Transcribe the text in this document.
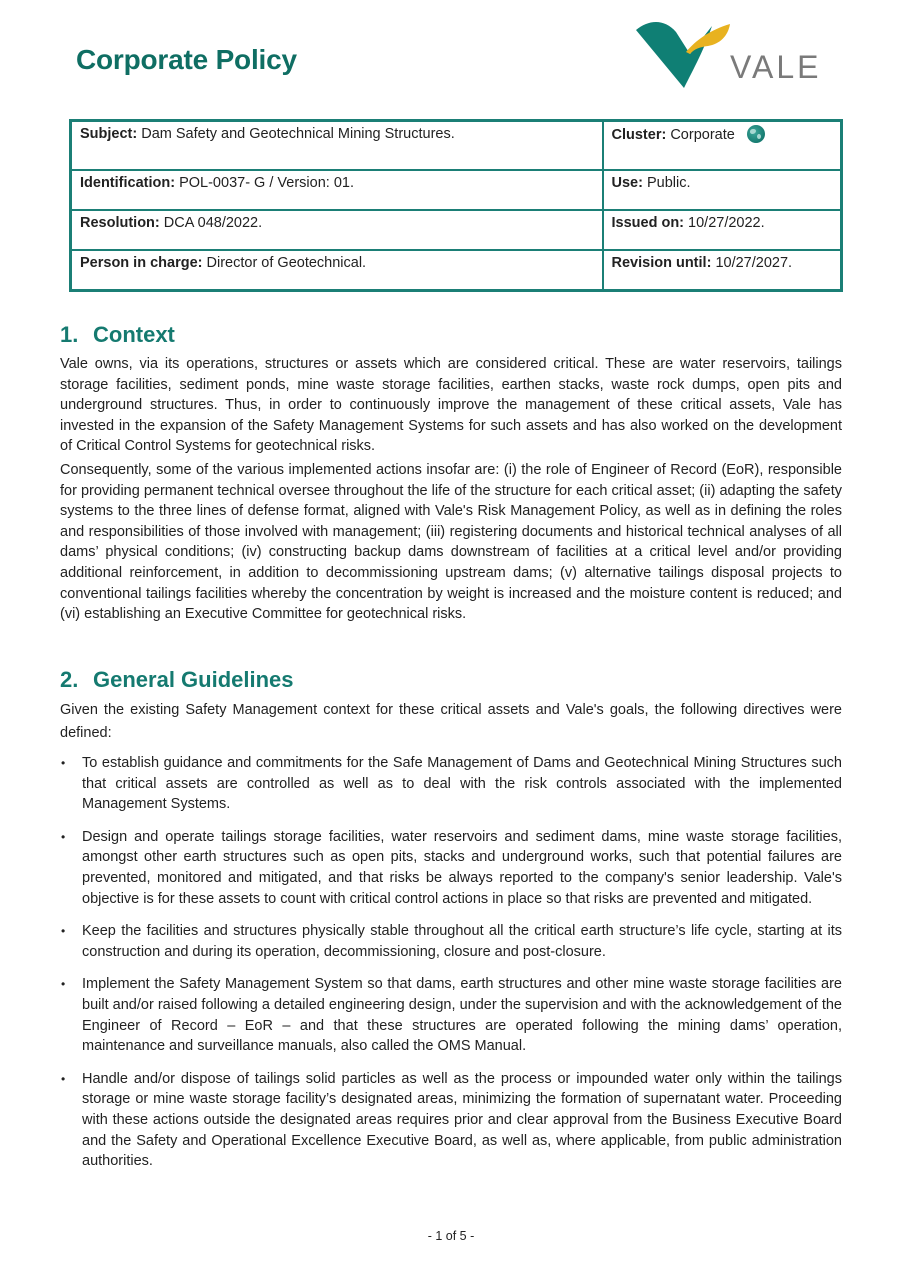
Corporate Policy	VALE
Subject: Dam Safety and Geotechnical Mining Structures.	Cluster: Corporate
Identification: POL-0037- G / Version: 01.	Use: Public.
Resolution: DCA 048/2022.	Issued on: 10/27/2022.
Person in charge: Director of Geotechnical.	Revision until: 10/27/2027.
1. Context

Vale owns, via its operations, structures or assets which are considered critical. These are water reservoirs, tailings storage facilities, sediment ponds, mine waste storage facilities, earthen stacks, waste rock dumps, open pits and underground structures. Thus, in order to continuously improve the management of these critical assets, Vale has invested in the expansion of the Safety Management Systems for such assets and has also worked on the development of Critical Control Systems for geotechnical risks.

Consequently, some of the various implemented actions insofar are: (i) the role of Engineer of Record (EoR), responsible for providing permanent technical oversee throughout the life of the structure for each critical asset; (ii) adapting the safety systems to the three lines of defense format, aligned with Vale's Risk Management Policy, as well as in defining the roles and responsibilities of those involved with management; (iii) registering documents and historical technical analyses of all dams’ physical conditions; (iv) constructing backup dams downstream of facilities at a critical level and/or providing additional reinforcement, in addition to decommissioning upstream dams; (v) alternative tailings disposal projects to conventional tailings facilities whereby the concentration by weight is increased and the moisture content is reduced; and (vi) establishing an Executive Committee for geotechnical risks.

2. General Guidelines

Given the existing Safety Management context for these critical assets and Vale's goals, the following directives were defined:

•	To establish guidance and commitments for the Safe Management of Dams and Geotechnical Mining Structures such that critical assets are controlled as well as to deal with the risk controls associated with the implemented Management Systems.
•	Design and operate tailings storage facilities, water reservoirs and sediment dams, mine waste storage facilities, amongst other earth structures such as open pits, stacks and underground works, such that potential failures are prevented, monitored and mitigated, and that risks be always reported to the company's senior leadership. Vale's objective is for these assets to count with critical control actions in place so that risks are prevented and mitigated.
•	Keep the facilities and structures physically stable throughout all the critical earth structure’s life cycle, starting at its construction and during its operation, decommissioning, closure and post-closure.
•	Implement the Safety Management System so that dams, earth structures and other mine waste storage facilities are built and/or raised following a detailed engineering design, under the supervision and with the acknowledgement of the Engineer of Record – EoR – and that these structures are operated following the mining dams’ operation, maintenance and surveillance manuals, also called the OMS Manual.
•	Handle and/or dispose of tailings solid particles as well as the process or impounded water only within the tailings storage or mine waste storage facility’s designated areas, minimizing the formation of supernatant water. Proceeding with these actions outside the designated areas requires prior and clear approval from the Business Executive Board and the Safety and Operational Excellence Executive Board, as well as, where applicable, from public administration authorities.
- 1 of 5 -
